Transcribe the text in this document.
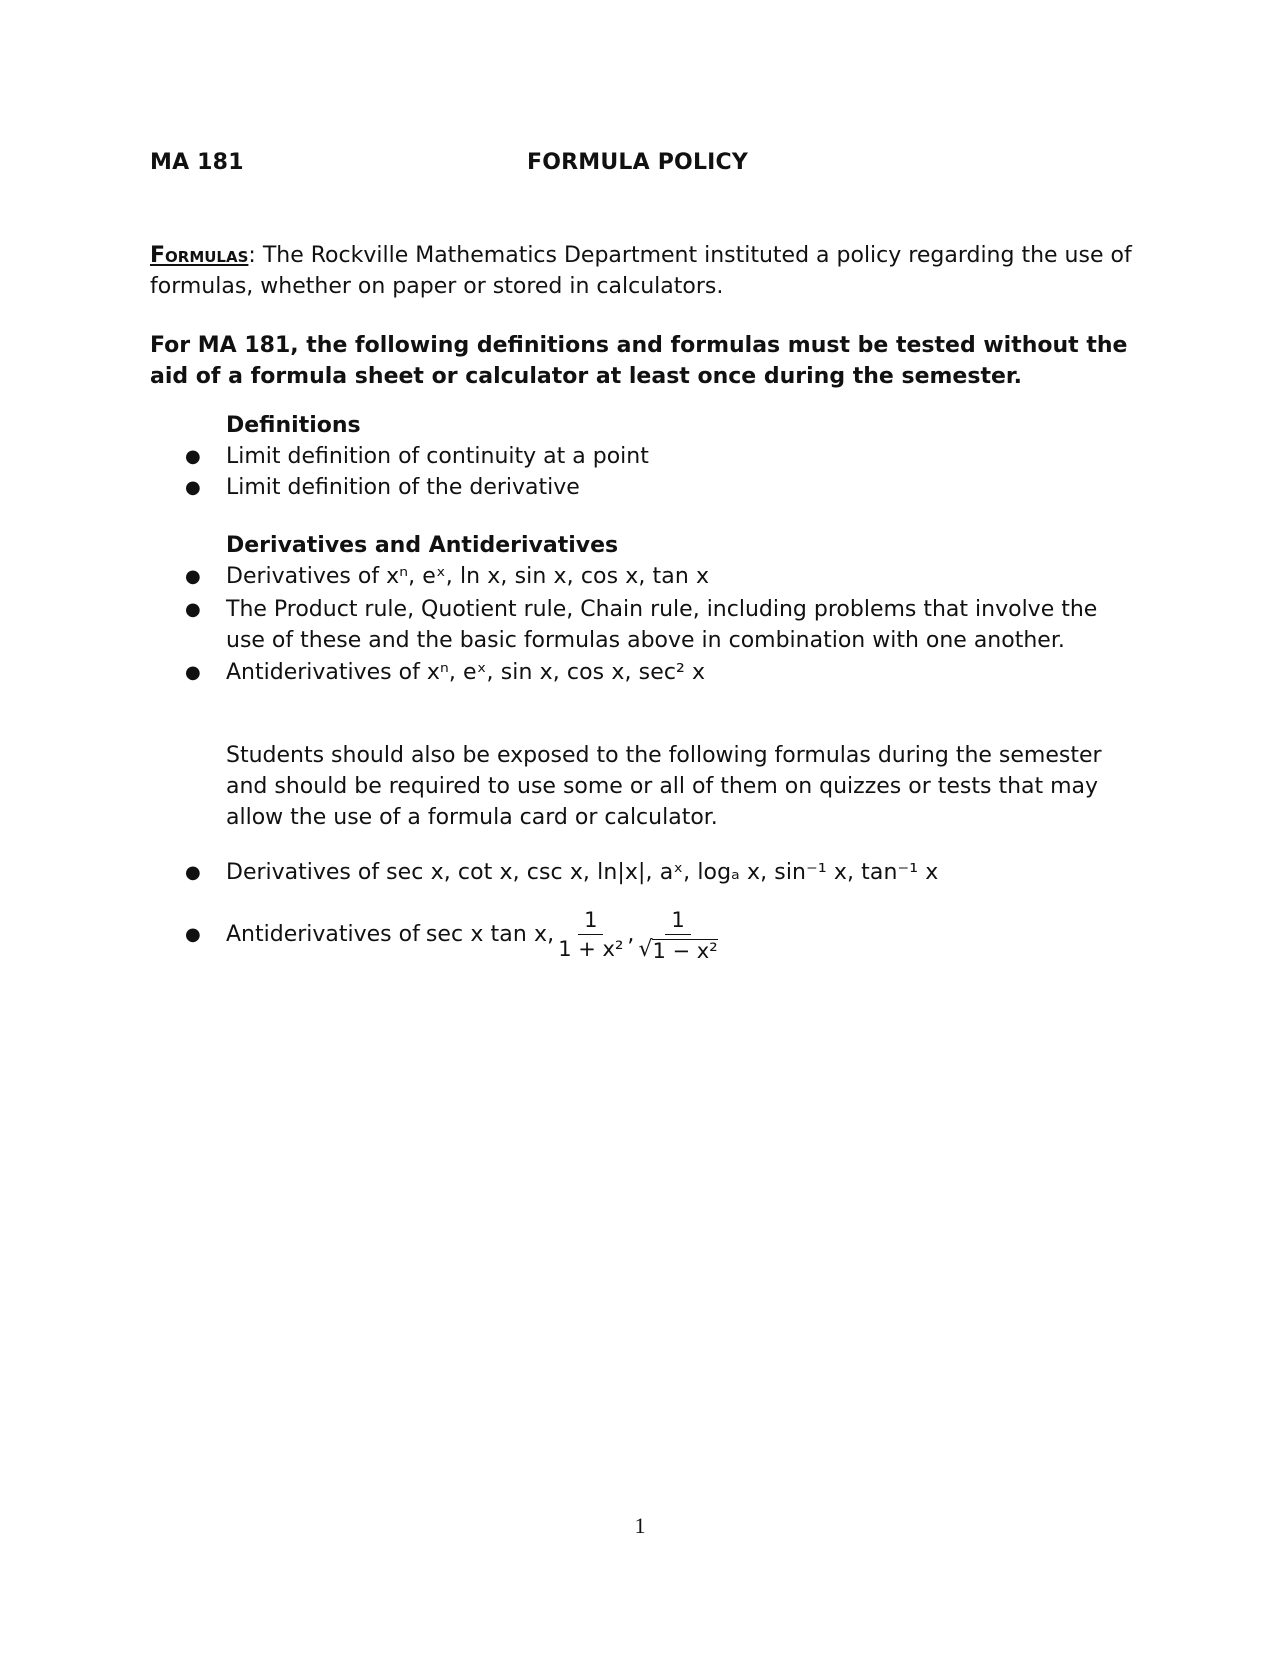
MA 181	FORMULA POLICY
Formulas: The Rockville Mathematics Department instituted a policy regarding the use of formulas, whether on paper or stored in calculators.
For MA 181, the following definitions and formulas must be tested without the aid of a formula sheet or calculator at least once during the semester.
Definitions
●	Limit definition of continuity at a point
●	Limit definition of the derivative
Derivatives and Antiderivatives
●	Derivatives of xⁿ, eˣ, ln x, sin x, cos x, tan x
●	The Product rule, Quotient rule, Chain rule, including problems that involve the use of these and the basic formulas above in combination with one another.
●	Antiderivatives of xⁿ, eˣ, sin x, cos x, sec² x
Students should also be exposed to the following formulas during the semester and should be required to use some or all of them on quizzes or tests that may allow the use of a formula card or calculator.
●	Derivatives of sec x, cot x, csc x, ln|x|, aˣ, logₐ x, sin⁻¹ x, tan⁻¹ x
●	Antiderivatives of sec x tan x, $\frac{1}{\text{1 + x²}}$ , $\frac{1}{\text{√ 1 − x²}}$
1
